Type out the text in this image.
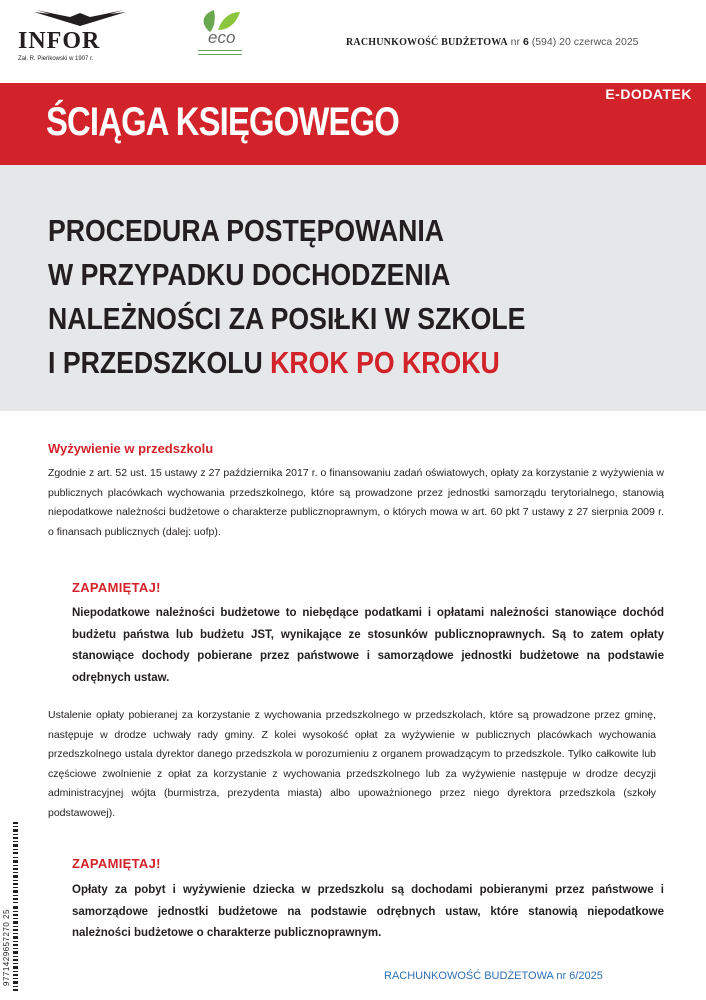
INFOR
Zał. R. Pieńkowski w 1907 r.
eco	RACHUNKOWOŚĆ BUDŻETOWA nr 6 (594) 20 czerwca 2025
E-DODATEK
ŚCIĄGA KSIĘGOWEGO
PROCEDURA POSTĘPOWANIA
W PRZYPADKU DOCHODZENIA
NALEŻNOŚCI ZA POSIŁKI W SZKOLE
I PRZEDSZKOLU KROK PO KROKU
Wyżywienie w przedszkolu
Zgodnie z art. 52 ust. 15 ustawy z 27 października 2017 r. o finansowaniu zadań oświatowych, opłaty za korzystanie z wyżywienia w publicznych placówkach wychowania przedszkolnego, które są prowadzone przez jednostki samorządu terytorialnego, stanowią niepodatkowe należności budżetowe o charakterze publicznoprawnym, o których mowa w art. 60 pkt 7 ustawy z 27 sierpnia 2009 r. o finansach publicznych (dalej: uofp).
ZAPAMIĘTAJ!
Niepodatkowe należności budżetowe to niebędące podatkami i opłatami należności stanowiące dochód budżetu państwa lub budżetu JST, wynikające ze stosunków publicznoprawnych. Są to zatem opłaty stanowiące dochody pobierane przez państwowe i samorządowe jednostki budżetowe na podstawie odrębnych ustaw.
Ustalenie opłaty pobieranej za korzystanie z wychowania przedszkolnego w przedszkolach, które są prowadzone przez gminę, następuje w drodze uchwały rady gminy. Z kolei wysokość opłat za wyżywienie w publicznych placówkach wychowania przedszkolnego ustala dyrektor danego przedszkola w porozumieniu z organem prowadzącym to przedszkole. Tylko całkowite lub częściowe zwolnienie z opłat za korzystanie z wychowania przedszkolnego lub za wyżywienie następuje w drodze decyzji administracyjnej wójta (burmistrza, prezydenta miasta) albo upoważnionego przez niego dyrektora przedszkola (szkoły podstawowej).
ZAPAMIĘTAJ!
Opłaty za pobyt i wyżywienie dziecka w przedszkolu są dochodami pobieranymi przez państwowe i samorządowe jednostki budżetowe na podstawie odrębnych ustaw, które stanowią niepodatkowe należności budżetowe o charakterze publicznoprawnym.
9771429657270 25	RACHUNKOWOŚĆ BUDŻETOWA nr 6/2025
